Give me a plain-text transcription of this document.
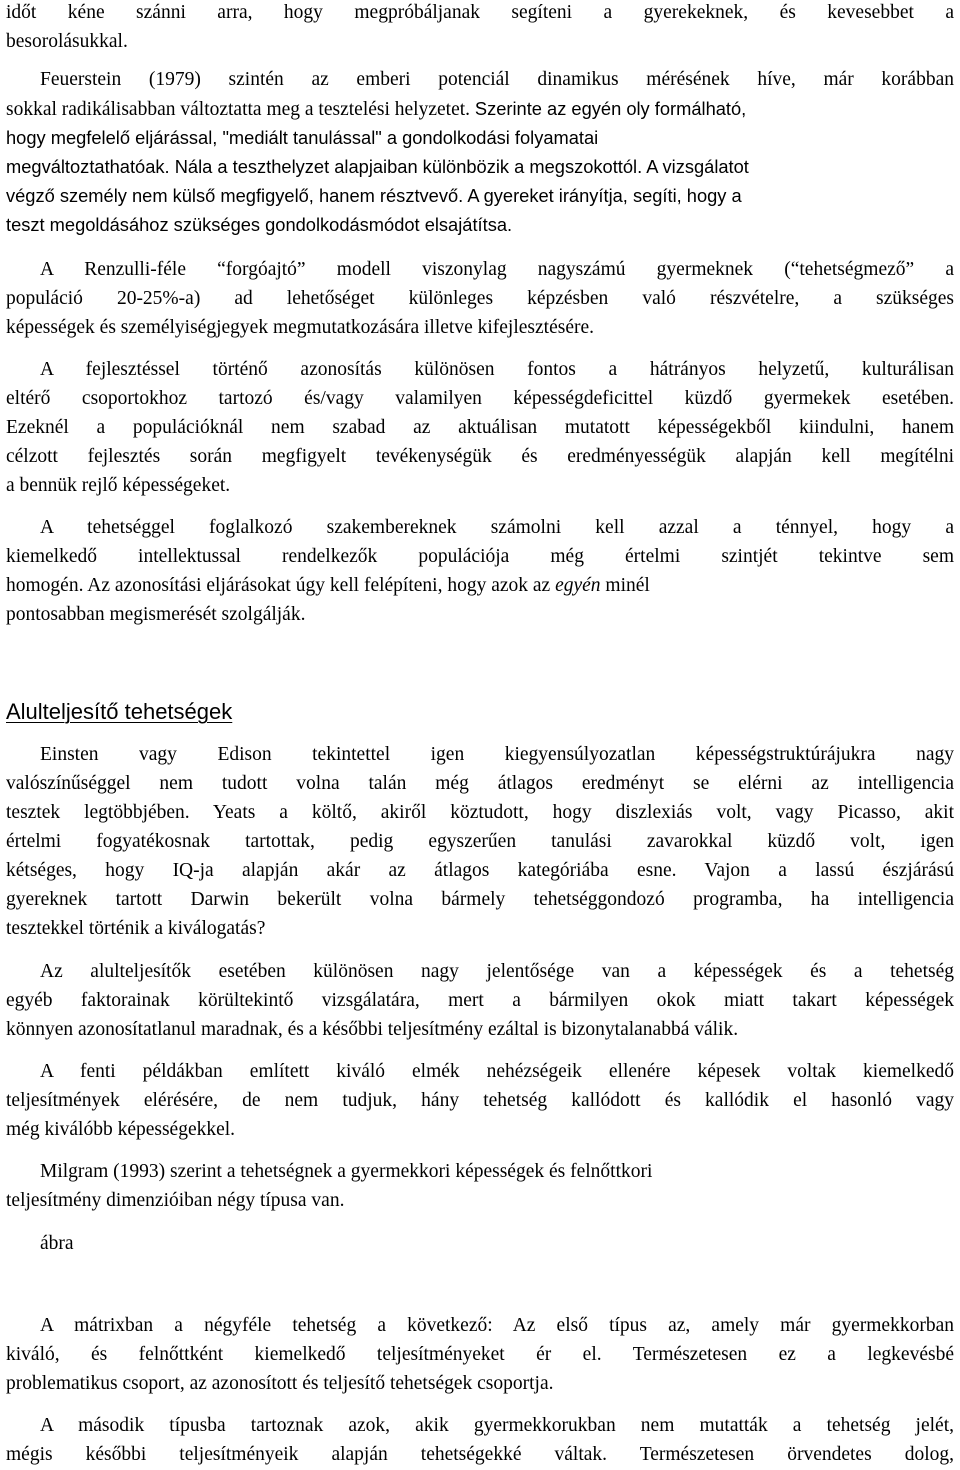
időt kéne szánni arra, hogy megpróbáljanak segíteni a gyerekeknek, és kevesebbet a
besorolásukkal.
Feuerstein (1979) szintén az emberi potenciál dinamikus mérésének híve, már korábban
sokkal radikálisabban változtatta meg a tesztelési helyzetet. Szerinte az egyén oly formálható,
hogy megfelelő eljárással, "mediált tanulással" a gondolkodási folyamatai
megváltoztathatóak. Nála a teszthelyzet alapjaiban különbözik a megszokottól. A vizsgálatot
végző személy nem külső megfigyelő, hanem résztvevő. A gyereket irányítja, segíti, hogy a
teszt megoldásához szükséges gondolkodásmódot elsajátítsa.
A Renzulli-féle “forgóajtó” modell viszonylag nagyszámú gyermeknek (“tehetségmező” a
populáció 20-25%-a) ad lehetőséget különleges képzésben való részvételre, a szükséges
képességek és személyiségjegyek megmutatkozására illetve kifejlesztésére.
A fejlesztéssel történő azonosítás különösen fontos a hátrányos helyzetű, kulturálisan
eltérő csoportokhoz tartozó és/vagy valamilyen képességdeficittel küzdő gyermekek esetében.
Ezeknél a populációknál nem szabad az aktuálisan mutatott képességekből kiindulni, hanem
célzott fejlesztés során megfigyelt tevékenységük és eredményességük alapján kell megítélni
a bennük rejlő képességeket.
A tehetséggel foglalkozó szakembereknek számolni kell azzal a ténnyel, hogy a
kiemelkedő intellektussal rendelkezők populációja még értelmi szintjét tekintve sem
homogén. Az azonosítási eljárásokat úgy kell felépíteni, hogy azok az egyén minél
pontosabban megismerését szolgálják.
Alulteljesítő tehetségek
Einsten vagy Edison tekintettel igen kiegyensúlyozatlan képességstruktúrájukra nagy
valószínűséggel nem tudott volna talán még átlagos eredményt se elérni az intelligencia
tesztek legtöbbjében. Yeats a költő, akiről köztudott, hogy diszlexiás volt, vagy Picasso, akit
értelmi fogyatékosnak tartottak, pedig egyszerűen tanulási zavarokkal küzdő volt, igen
kétséges, hogy IQ-ja alapján akár az átlagos kategóriába esne. Vajon a lassú észjárású
gyereknek tartott Darwin bekerült volna bármely tehetséggondozó programba, ha intelligencia
tesztekkel történik a kiválogatás?
Az alulteljesítők esetében különösen nagy jelentősége van a képességek és a tehetség
egyéb faktorainak körültekintő vizsgálatára, mert a bármilyen okok miatt takart képességek
könnyen azonosítatlanul maradnak, és a későbbi teljesítmény ezáltal is bizonytalanabbá válik.
A fenti példákban említett kiváló elmék nehézségeik ellenére képesek voltak kiemelkedő
teljesítmények elérésére, de nem tudjuk, hány tehetség kallódott és kallódik el hasonló vagy
még kiválóbb képességekkel.
Milgram (1993) szerint a tehetségnek a gyermekkori képességek és felnőttkori
teljesítmény dimenzióiban négy típusa van.
ábra
A mátrixban a négyféle tehetség a következő: Az első típus az, amely már gyermekkorban
kiváló, és felnőttként kiemelkedő teljesítményeket ér el. Természetesen ez a legkevésbé
problematikus csoport, az azonosított és teljesítő tehetségek csoportja.
A második típusba tartoznak azok, akik gyermekkorukban nem mutatták a tehetség jelét,
mégis későbbi teljesítményeik alapján tehetségekké váltak. Természetesen örvendetes dolog,
